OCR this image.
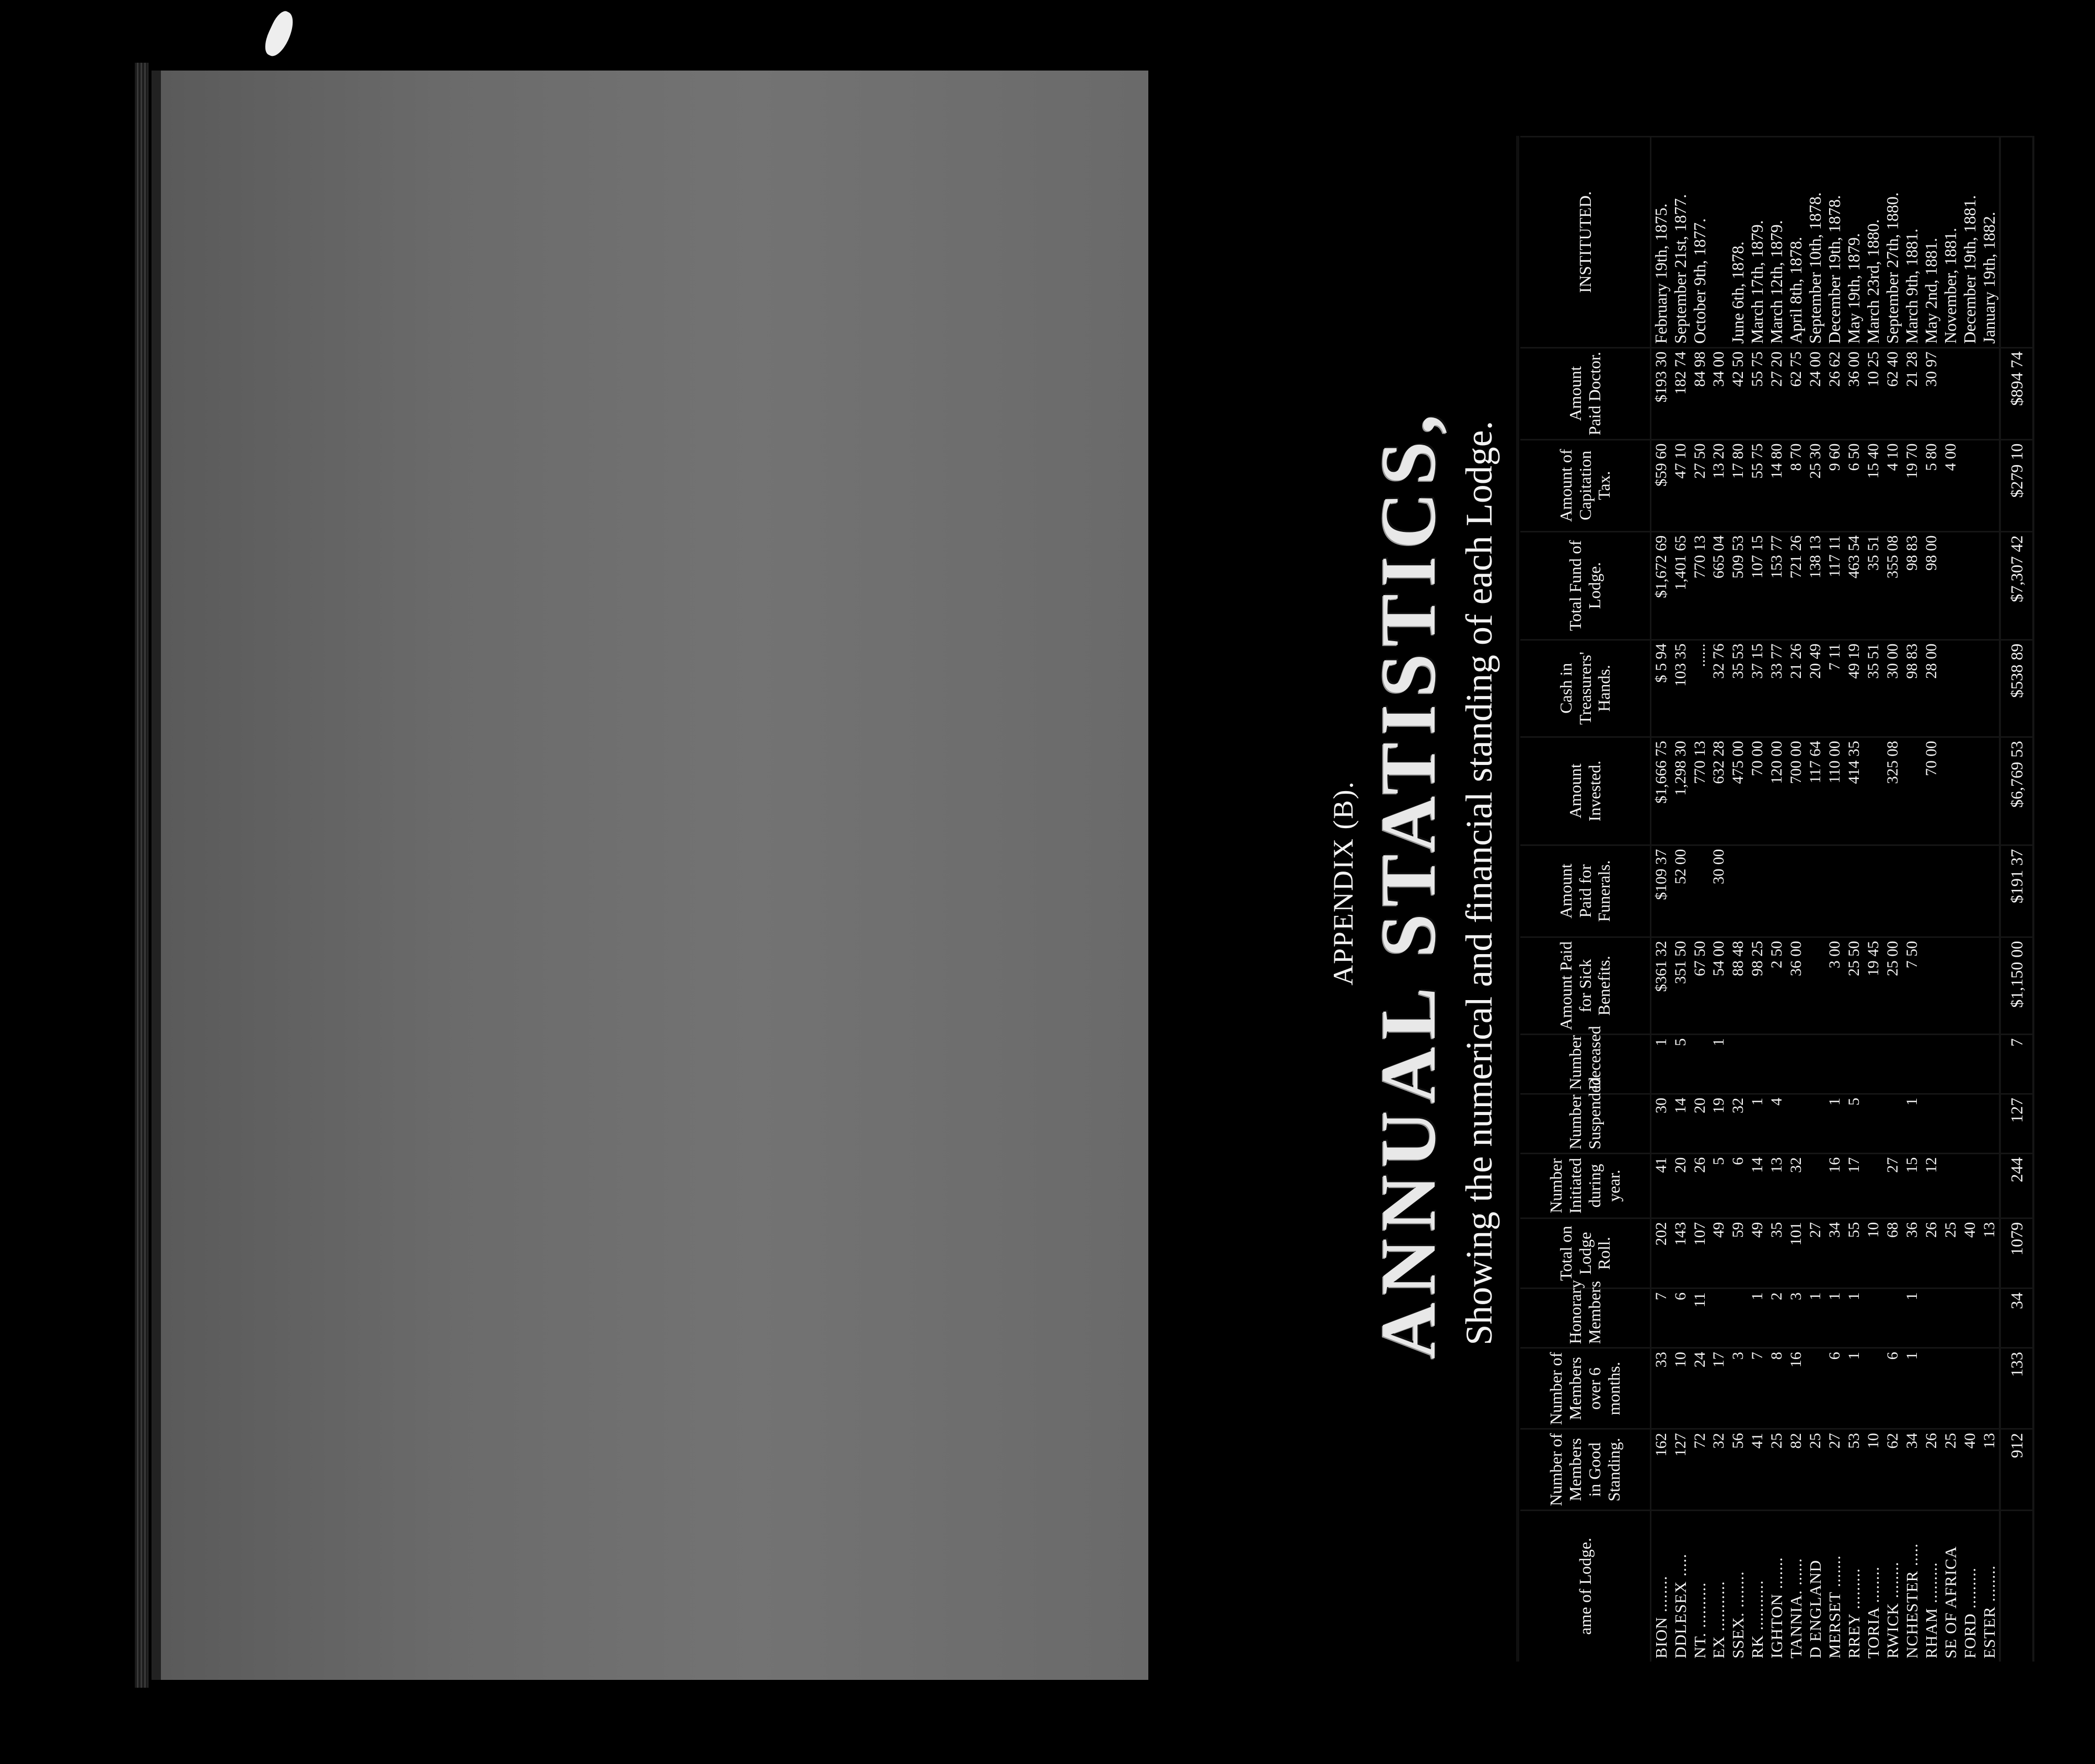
APPENDIX (B). ANNUAL STATISTICS, Showing the numerical and financial standing of each Lodge.
ame of Lodge.	Number of Members in Good Standing.	Number of Members over 6 months.	Honorary Members	Total on Lodge Roll.	Number Initiated during year.	Number Suspended	Number Deceased	Amount Paid for Sick Benefits.	Amount Paid for Funerals.	Amount Invested.	Cash in Treasurers' Hands.	Total Fund of Lodge.	Amount of Capitation Tax.	Amount Paid Doctor.	INSTITUTED.
BION ........	162	33	7	202	41	30	1	$361 32	$109 37	$1,666 75	$ 5 94	$1,672 69	$59 60	$193 30	February 19th, 1875.
DDLESEX .....	127	10	6	143	20	14	5	351 50	52 00	1,298 30	103 35	1,401 65	47 10	182 74	September 21st, 1877.
NT. ..........	72	24	11	107	26	20		67 50		770 13	......	770 13	27 50	84 98	October 9th, 1877.
EX ...........	32	17		49	5	19	1	54 00	30 00	632 28	32 76	665 04	13 20	34 00	
SSEX. ........	56	3		59	6	32		88 48		475 00	35 53	509 53	17 80	42 50	June 6th, 1878.
RK ...........	41	7	1	49	14	1		98 25		70 00	37 15	107 15	55 75	55 75	March 17th, 1879.
IGHTON .......	25	8	2	35	13	4		2 50		120 00	33 77	153 77	14 80	27 20	March 12th, 1879.
TANNIA. ......	82	16	3	101	32			36 00		700 00	21 26	721 26	8 70	62 75	April 8th, 1878.
D ENGLAND	25		1	27						117 64	20 49	138 13	25 30	24 00	September 10th, 1878.
MERSET .......	27	6	1	34	16	1		3 00		110 00	7 11	117 11	9 60	26 62	December 19th, 1878.
RREY .........	53	1	1	55	17	5		25 50		414 35	49 19	463 54	6 50	36 00	May 19th, 1879.
TORIA ........	10			10				19 45			35 51	35 51	15 40	10 25	March 23rd, 1880.
RWICK ........	62	6		68	27			25 00		325 08	30 00	355 08	4 10	62 40	September 27th, 1880.
NCHESTER .....	34	1	1	36	15	1		7 50			98 83	98 83	19 70	21 28	March 9th, 1881.
RHAM .........	26			26	12					70 00	28 00	98 00	5 80	30 97	May 2nd, 1881.
SE OF AFRICA	25			25									4 00		November, 1881.
FORD .........	40			40											December 19th, 1881.
ESTER ........	13			13											January 19th, 1882.
	912	133	34	1079	244	127	7	$1,150 00	$191 37	$6,769 53	$538 89	$7,307 42	$279 10	$894 74	
